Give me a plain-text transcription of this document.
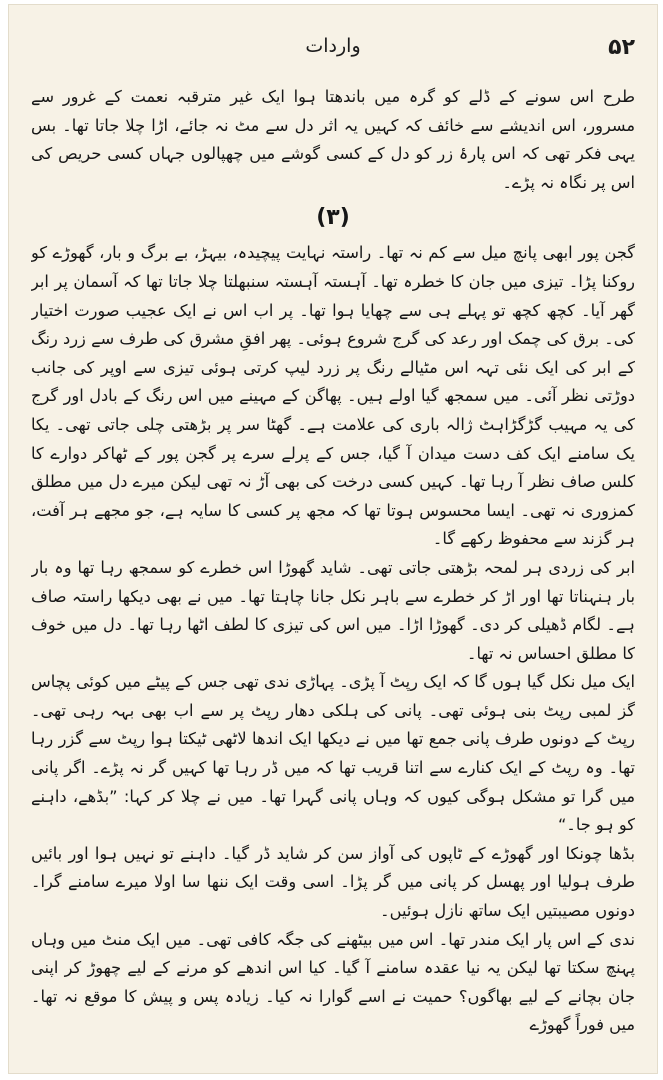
۵۲
واردات

طرح اس سونے کے ڈلے کو گرہ میں باندھتا ہوا ایک غیر مترقبہ نعمت کے غرور سے مسرور، اس اندیشے سے خائف کہ کہیں یہ اثر دل سے مٹ نہ جائے، اڑا چلا جاتا تھا۔ بس یہی فکر تھی کہ اس پارۂ زر کو دل کے کسی گوشے میں چھپالوں جہاں کسی حریص کی اس پر نگاہ نہ پڑے۔

(۳)

گجن پور ابھی پانچ میل سے کم نہ تھا۔ راستہ نہایت پیچیدہ، بیہڑ، بے برگ و بار، گھوڑے کو روکنا پڑا۔ تیزی میں جان کا خطرہ تھا۔ آہستہ آہستہ سنبھلتا چلا جاتا تھا کہ آسمان پر ابر گھر آیا۔ کچھ کچھ تو پہلے ہی سے چھایا ہوا تھا۔ پر اب اس نے ایک عجیب صورت اختیار کی۔ برق کی چمک اور رعد کی گرج شروع ہوئی۔ پھر افقِ مشرق کی طرف سے زرد رنگ کے ابر کی ایک نئی تہہ اس مٹیالے رنگ پر زرد لیپ کرتی ہوئی تیزی سے اوپر کی جانب دوڑتی نظر آئی۔ میں سمجھ گیا اولے ہیں۔ پھاگن کے مہینے میں اس رنگ کے بادل اور گرج کی یہ مہیب گڑگڑاہٹ ژالہ باری کی علامت ہے۔ گھٹا سر پر بڑھتی چلی جاتی تھی۔ یکا یک سامنے ایک کف دست میدان آ گیا، جس کے پرلے سرے پر گجن پور کے ٹھاکر دوارے کا کلس صاف نظر آ رہا تھا۔ کہیں کسی درخت کی بھی آڑ نہ تھی لیکن میرے دل میں مطلق کمزوری نہ تھی۔ ایسا محسوس ہوتا تھا کہ مجھ پر کسی کا سایہ ہے، جو مجھے ہر آفت، ہر گزند سے محفوظ رکھے گا۔

ابر کی زردی ہر لمحہ بڑھتی جاتی تھی۔ شاید گھوڑا اس خطرے کو سمجھ رہا تھا وہ بار بار ہنہناتا تھا اور اڑ کر خطرے سے باہر نکل جانا چاہتا تھا۔ میں نے بھی دیکھا راستہ صاف ہے۔ لگام ڈھیلی کر دی۔ گھوڑا اڑا۔ میں اس کی تیزی کا لطف اٹھا رہا تھا۔ دل میں خوف کا مطلق احساس نہ تھا۔

ایک میل نکل گیا ہوں گا کہ ایک رپٹ آ پڑی۔ پہاڑی ندی تھی جس کے پیٹے میں کوئی پچاس گز لمبی رپٹ بنی ہوئی تھی۔ پانی کی ہلکی دھار رپٹ پر سے اب بھی بہہ رہی تھی۔ رپٹ کے دونوں طرف پانی جمع تھا میں نے دیکھا ایک اندھا لاٹھی ٹیکتا ہوا رپٹ سے گزر رہا تھا۔ وہ رپٹ کے ایک کنارے سے اتنا قریب تھا کہ میں ڈر رہا تھا کہیں گر نہ پڑے۔ اگر پانی میں گرا تو مشکل ہوگی کیوں کہ وہاں پانی گہرا تھا۔ میں نے چلا کر کہا: ”بڈھے، داہنے کو ہو جا۔“

بڈھا چونکا اور گھوڑے کے ٹاپوں کی آواز سن کر شاید ڈر گیا۔ داہنے تو نہیں ہوا اور بائیں طرف ہولیا اور پھسل کر پانی میں گر پڑا۔ اسی وقت ایک ننھا سا اولا میرے سامنے گرا۔ دونوں مصیبتیں ایک ساتھ نازل ہوئیں۔

ندی کے اس پار ایک مندر تھا۔ اس میں بیٹھنے کی جگہ کافی تھی۔ میں ایک منٹ میں وہاں پہنچ سکتا تھا لیکن یہ نیا عقدہ سامنے آ گیا۔ کیا اس اندھے کو مرنے کے لیے چھوڑ کر اپنی جان بچانے کے لیے بھاگوں؟ حمیت نے اسے گوارا نہ کیا۔ زیادہ پس و پیش کا موقع نہ تھا۔ میں فوراً گھوڑے
